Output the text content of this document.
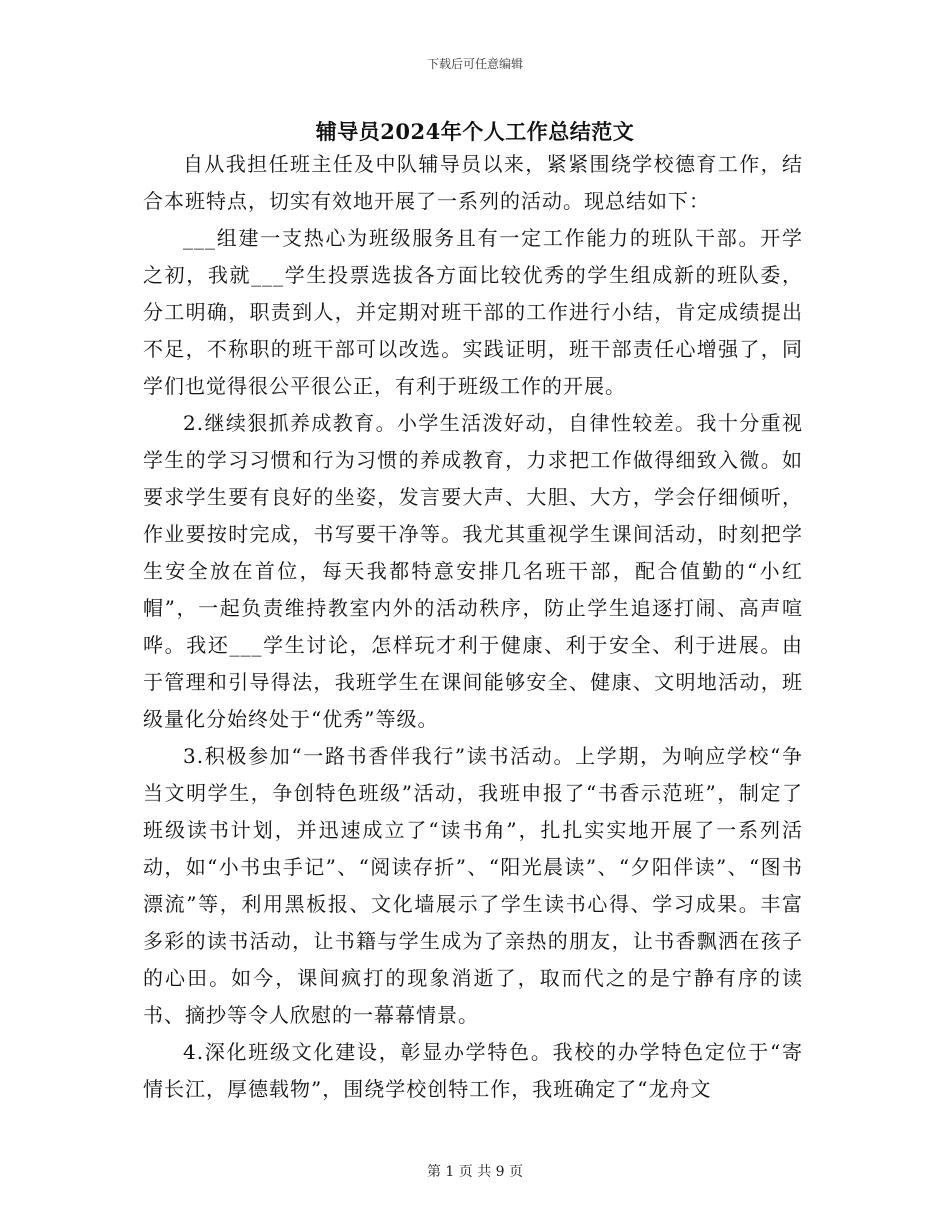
下载后可任意编辑
辅导员2024年个人工作总结范文

自从我担任班主任及中队辅导员以来，紧紧围绕学校德育工作，结合本班特点，切实有效地开展了一系列的活动。现总结如下：

___组建一支热心为班级服务且有一定工作能力的班队干部。开学之初，我就___学生投票选拔各方面比较优秀的学生组成新的班队委，分工明确，职责到人，并定期对班干部的工作进行小结，肯定成绩提出不足，不称职的班干部可以改选。实践证明，班干部责任心增强了，同学们也觉得很公平很公正，有利于班级工作的开展。

2.继续狠抓养成教育。小学生活泼好动，自律性较差。我十分重视学生的学习习惯和行为习惯的养成教育，力求把工作做得细致入微。如要求学生要有良好的坐姿，发言要大声、大胆、大方，学会仔细倾听，作业要按时完成，书写要干净等。我尤其重视学生课间活动，时刻把学生安全放在首位，每天我都特意安排几名班干部，配合值勤的“小红帽”，一起负责维持教室内外的活动秩序，防止学生追逐打闹、高声喧哗。我还___学生讨论，怎样玩才利于健康、利于安全、利于进展。由于管理和引导得法，我班学生在课间能够安全、健康、文明地活动，班级量化分始终处于“优秀”等级。

3.积极参加“一路书香伴我行”读书活动。上学期，为响应学校“争当文明学生，争创特色班级”活动，我班申报了“书香示范班”，制定了班级读书计划，并迅速成立了“读书角”，扎扎实实地开展了一系列活动，如“小书虫手记”、“阅读存折”、“阳光晨读”、“夕阳伴读”、“图书漂流”等，利用黑板报、文化墙展示了学生读书心得、学习成果。丰富多彩的读书活动，让书籍与学生成为了亲热的朋友，让书香飘洒在孩子的心田。如今，课间疯打的现象消逝了，取而代之的是宁静有序的读书、摘抄等令人欣慰的一幕幕情景。

4.深化班级文化建设，彰显办学特色。我校的办学特色定位于“寄情长江，厚德载物”，围绕学校创特工作，我班确定了“龙舟文

第 1 页 共 9 页
